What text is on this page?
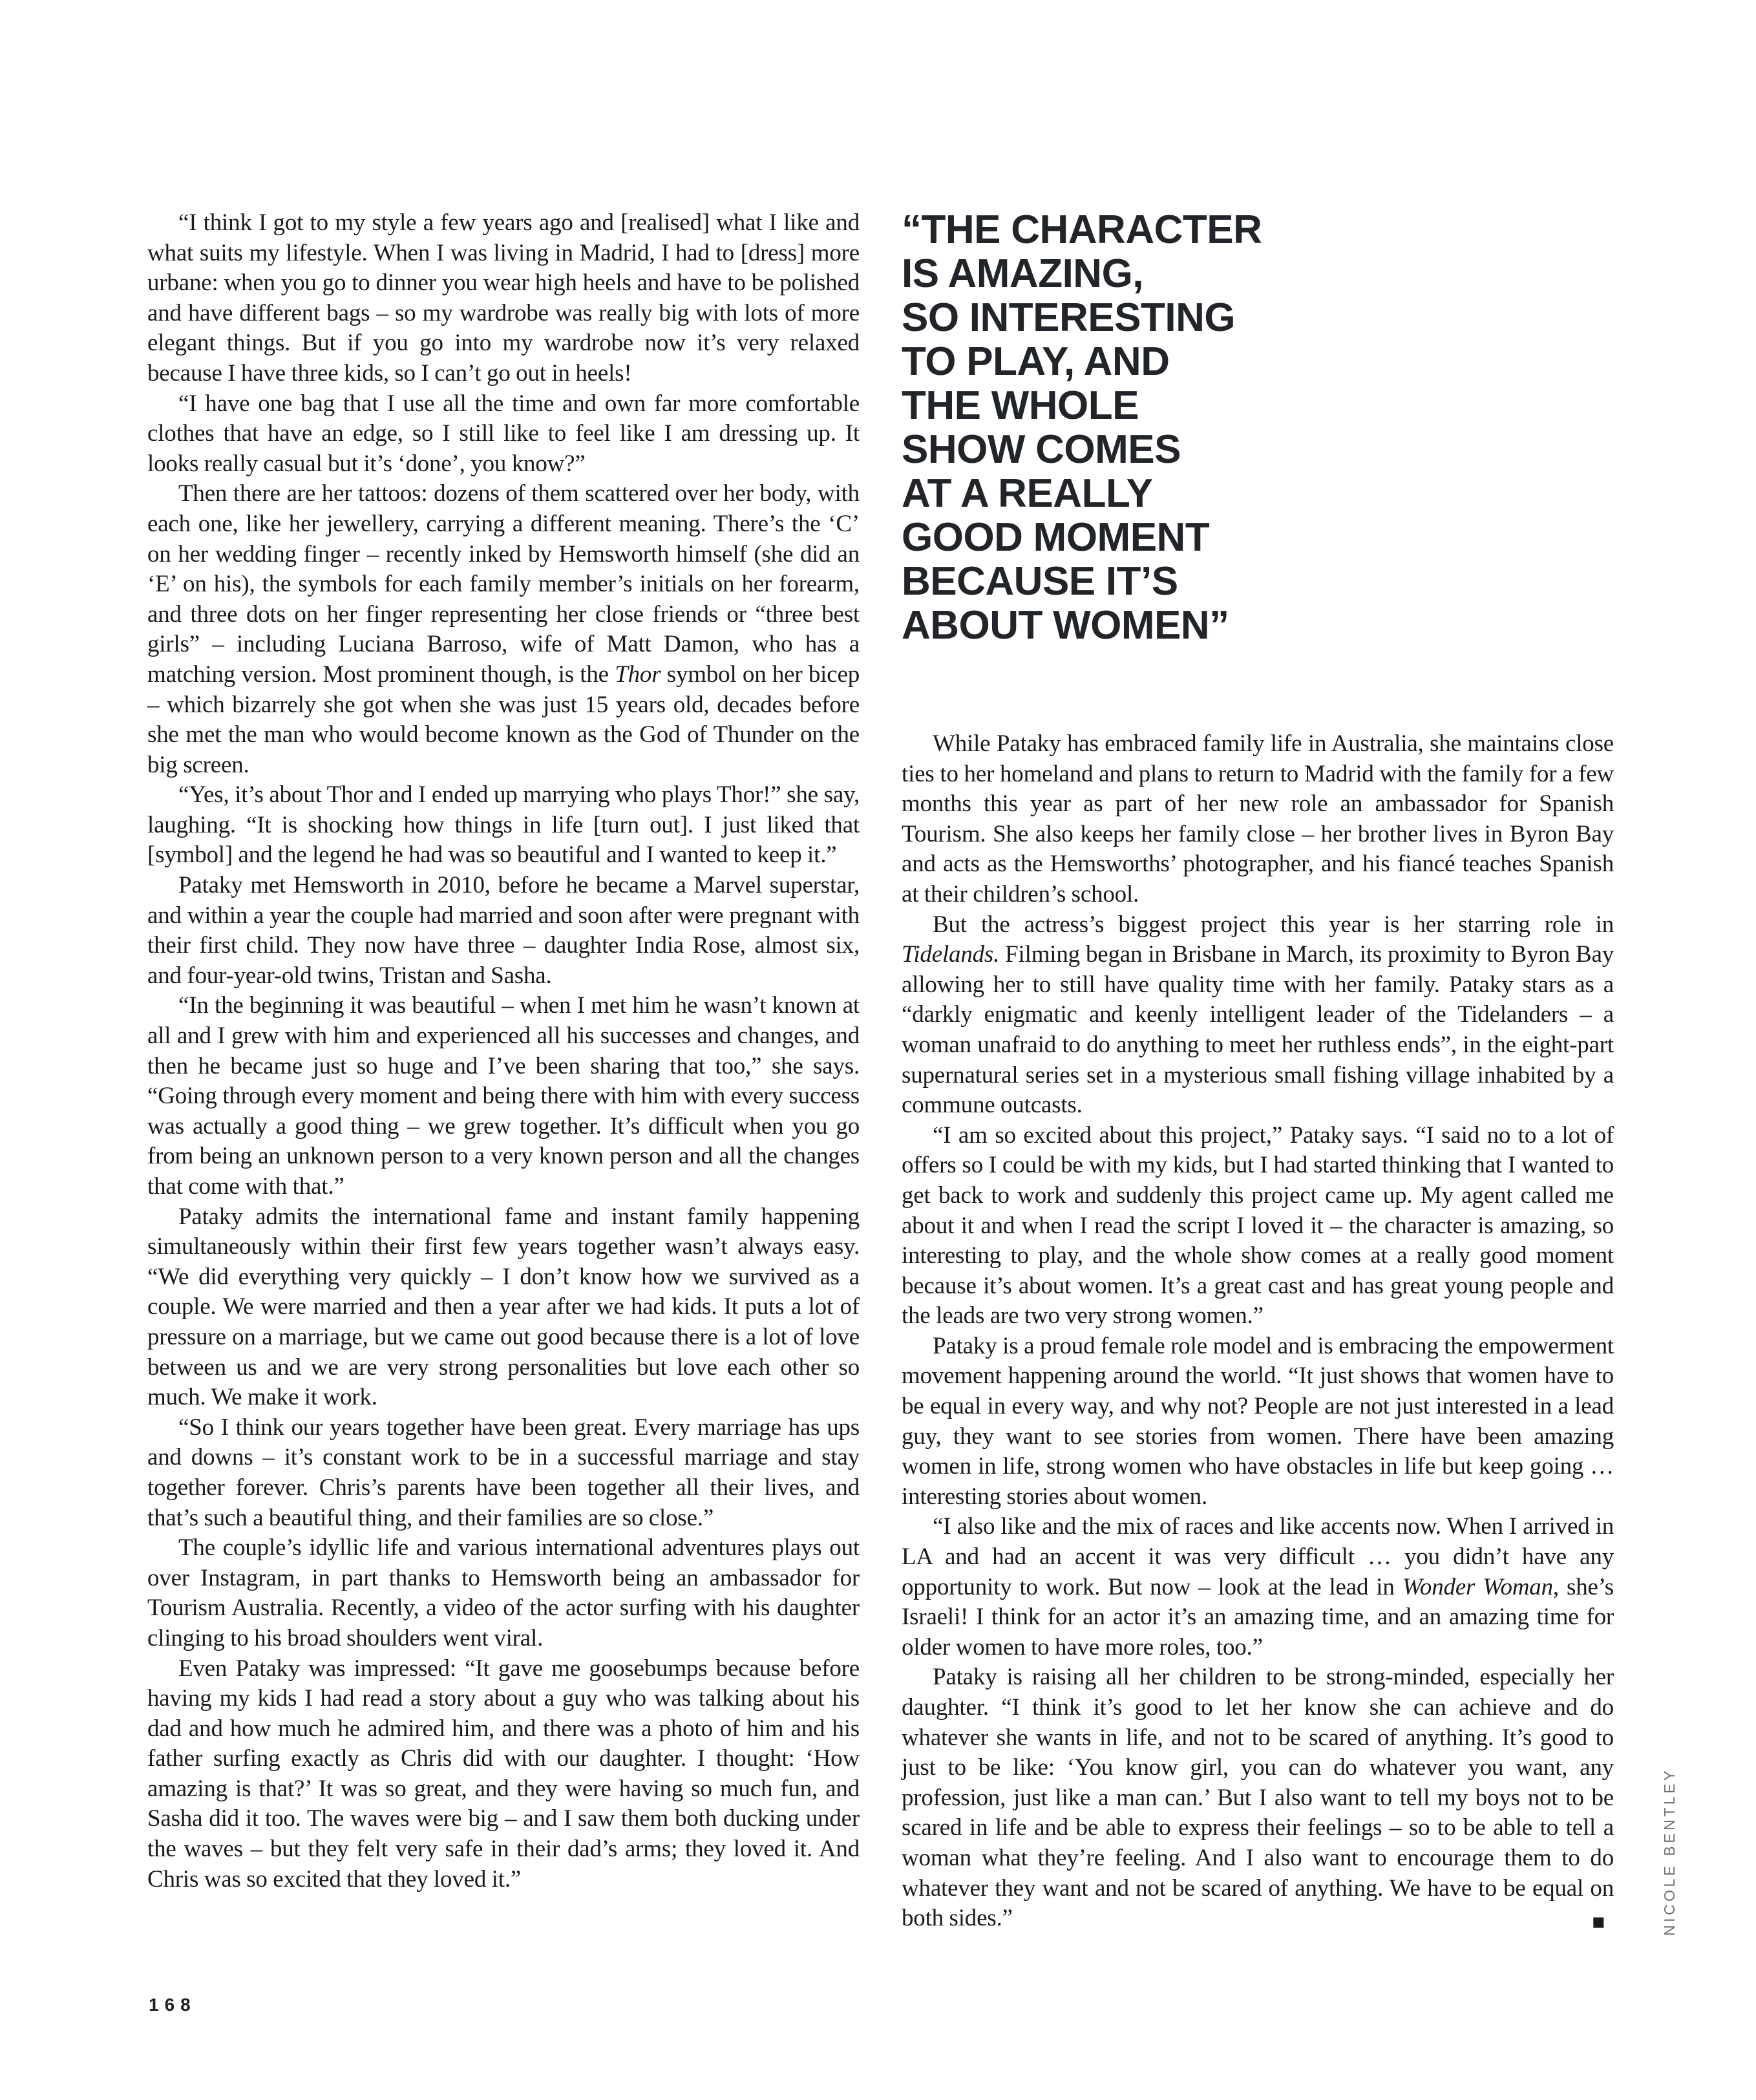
“I think I got to my style a few years ago and [realised] what I like and what suits my lifestyle. When I was living in Madrid, I had to [dress] more urbane: when you go to dinner you wear high heels and have to be polished and have different bags – so my wardrobe was really big with lots of more elegant things. But if you go into my wardrobe now it’s very relaxed because I have three kids, so I can’t go out in heels!

“I have one bag that I use all the time and own far more comfortable clothes that have an edge, so I still like to feel like I am dressing up. It looks really casual but it’s ‘done’, you know?”

Then there are her tattoos: dozens of them scattered over her body, with each one, like her jewellery, carrying a different meaning. There’s the ‘C’ on her wedding finger – recently inked by Hemsworth himself (she did an ‘E’ on his), the symbols for each family member’s initials on her forearm, and three dots on her finger representing her close friends or “three best girls” – including Luciana Barroso, wife of Matt Damon, who has a matching version. Most prominent though, is the Thor symbol on her bicep – which bizarrely she got when she was just 15 years old, decades before she met the man who would become known as the God of Thunder on the big screen.

“Yes, it’s about Thor and I ended up marrying who plays Thor!” she say, laughing. “It is shocking how things in life [turn out]. I just liked that [symbol] and the legend he had was so beautiful and I wanted to keep it.”

Pataky met Hemsworth in 2010, before he became a Marvel superstar, and within a year the couple had married and soon after were pregnant with their first child. They now have three – daughter India Rose, almost six, and four-year-old twins, Tristan and Sasha.

“In the beginning it was beautiful – when I met him he wasn’t known at all and I grew with him and experienced all his successes and changes, and then he became just so huge and I’ve been sharing that too,” she says. “Going through every moment and being there with him with every success was actually a good thing – we grew together. It’s difficult when you go from being an unknown person to a very known person and all the changes that come with that.”

Pataky admits the international fame and instant family happening simultaneously within their first few years together wasn’t always easy. “We did everything very quickly – I don’t know how we survived as a couple. We were married and then a year after we had kids. It puts a lot of pressure on a marriage, but we came out good because there is a lot of love between us and we are very strong personalities but love each other so much. We make it work.

“So I think our years together have been great. Every marriage has ups and downs – it’s constant work to be in a successful marriage and stay together forever. Chris’s parents have been together all their lives, and that’s such a beautiful thing, and their families are so close.”

The couple’s idyllic life and various international adventures plays out over Instagram, in part thanks to Hemsworth being an ambassador for Tourism Australia. Recently, a video of the actor surfing with his daughter clinging to his broad shoulders went viral.

Even Pataky was impressed: “It gave me goosebumps because before having my kids I had read a story about a guy who was talking about his dad and how much he admired him, and there was a photo of him and his father surfing exactly as Chris did with our daughter. I thought: ‘How amazing is that?’ It was so great, and they were having so much fun, and Sasha did it too. The waves were big – and I saw them both ducking under the waves – but they felt very safe in their dad’s arms; they loved it. And Chris was so excited that they loved it.”

“THE CHARACTER
IS AMAZING,
SO INTERESTING
TO PLAY, AND
THE WHOLE
SHOW COMES
AT A REALLY
GOOD MOMENT
BECAUSE IT’S
ABOUT WOMEN”

While Pataky has embraced family life in Australia, she maintains close ties to her homeland and plans to return to Madrid with the family for a few months this year as part of her new role an ambassador for Spanish Tourism. She also keeps her family close – her brother lives in Byron Bay and acts as the Hemsworths’ photographer, and his fiancé teaches Spanish at their children’s school.

But the actress’s biggest project this year is her starring role in Tidelands. Filming began in Brisbane in March, its proximity to Byron Bay allowing her to still have quality time with her family. Pataky stars as a “darkly enigmatic and keenly intelligent leader of the Tidelanders – a woman unafraid to do anything to meet her ruthless ends”, in the eight-part supernatural series set in a mysterious small fishing village inhabited by a commune outcasts.

“I am so excited about this project,” Pataky says. “I said no to a lot of offers so I could be with my kids, but I had started thinking that I wanted to get back to work and suddenly this project came up. My agent called me about it and when I read the script I loved it – the character is amazing, so interesting to play, and the whole show comes at a really good moment because it’s about women. It’s a great cast and has great young people and the leads are two very strong women.”

Pataky is a proud female role model and is embracing the empowerment movement happening around the world. “It just shows that women have to be equal in every way, and why not? People are not just interested in a lead guy, they want to see stories from women. There have been amazing women in life, strong women who have obstacles in life but keep going … interesting stories about women.

“I also like and the mix of races and like accents now. When I arrived in LA and had an accent it was very difficult … you didn’t have any opportunity to work. But now – look at the lead in Wonder Woman, she’s Israeli! I think for an actor it’s an amazing time, and an amazing time for older women to have more roles, too.”

Pataky is raising all her children to be strong-minded, especially her daughter. “I think it’s good to let her know she can achieve and do whatever she wants in life, and not to be scared of anything. It’s good to just to be like: ‘You know girl, you can do whatever you want, any profession, just like a man can.’ But I also want to tell my boys not to be scared in life and be able to express their feelings – so to be able to tell a woman what they’re feeling. And I also want to encourage them to do whatever they want and not be scared of anything. We have to be equal on both sides.”	■

168
NICOLE BENTLEY
